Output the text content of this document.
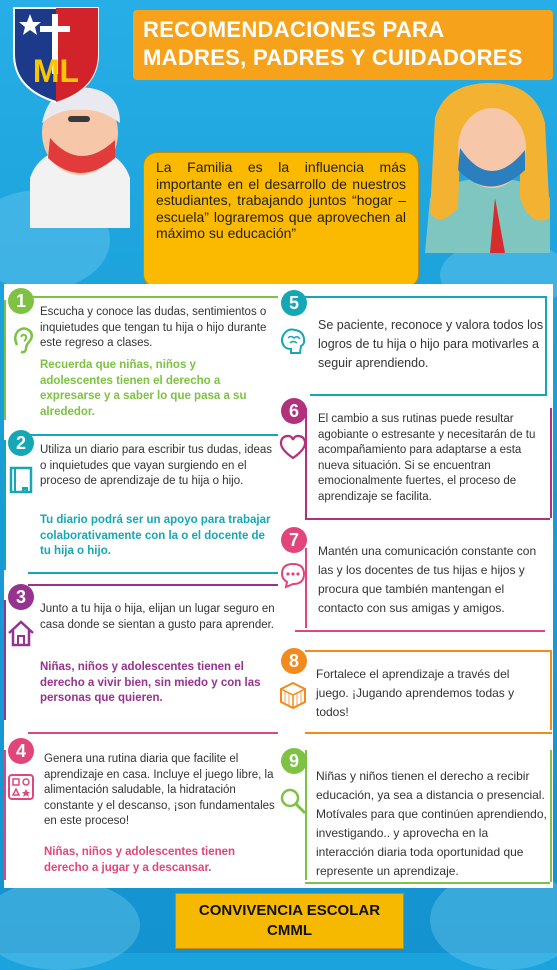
ML
RECOMENDACIONES PARA
MADRES, PADRES Y CUIDADORES

La Familia es la influencia más importante en el desarrollo de nuestros estudiantes, trabajando juntos “hogar – escuela” lograremos que aprovechen al máximo su educación”

1
Escucha y conoce las dudas, sentimientos o inquietudes que tengan tu hija o hijo durante este regreso a clases.
Recuerda que niñas, niños y adolescentes tienen el derecho a expresarse y a saber lo que pasa a su alrededor.
2	Utiliza un diario para escribir tus dudas, ideas o inquietudes que vayan surgiendo en el proceso de aprendizaje de tu hija o hijo.
Tu diario podrá ser un apoyo para trabajar colaborativamente con la o el docente de tu hija o hijo.
3
Junto a tu hija o hija, elijan un lugar seguro en casa donde se sientan a gusto para aprender.
Niñas, niños y adolescentes tienen el derecho a vivir bien, sin miedo y con las personas que quieren.
4	Genera una rutina diaria que facilite el aprendizaje en casa. Incluye el juego libre, la alimentación saludable, la hidratación constante y el descanso, ¡son fundamentales en este proceso!
Niñas, niños y adolescentes tienen derecho a jugar y a descansar.
5
Se paciente, reconoce y valora todos los logros de tu hija o hijo para motivarles a seguir aprendiendo.
6	El cambio a sus rutinas puede resultar agobiante o estresante y necesitarán de tu acompañamiento para adaptarse a esta nueva situación. Si se encuentran emocionalmente fuertes, el proceso de aprendizaje se facilita.
7
Mantén una comunicación constante con las y los docentes de tus hijas e hijos y procura que también mantengan el contacto con sus amigas y amigos.
8
Fortalece el aprendizaje a través del juego. ¡Jugando aprendemos todas y todos!
9
Niñas y niños tienen el derecho a recibir educación, ya sea a distancia o presencial. Motívales para que continúen aprendiendo, investigando.. y aprovecha en la interacción diaria toda oportunidad que represente un aprendizaje.
CONVIVENCIA ESCOLAR
CMML
